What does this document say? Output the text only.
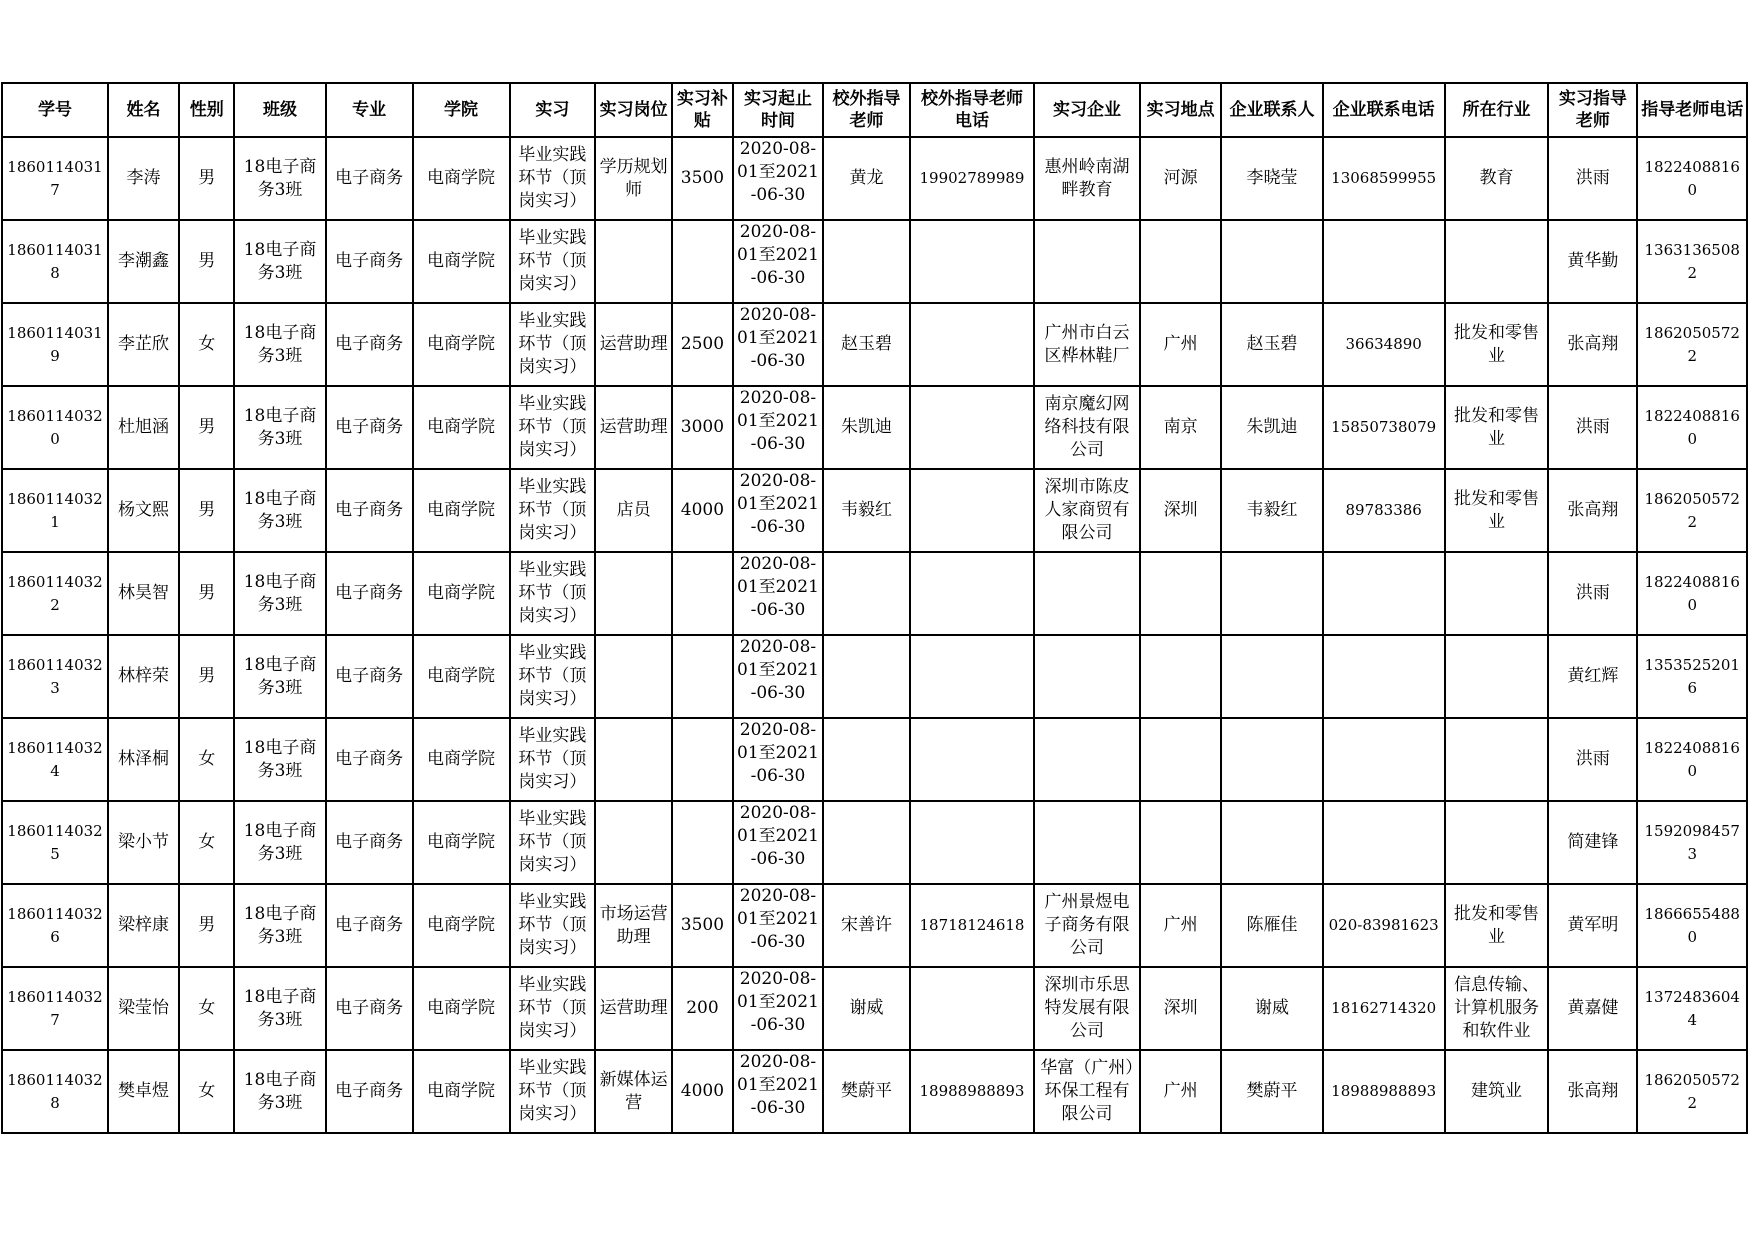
学号	姓名	性别	班级	专业	学院	实习	实习岗位	实习补贴	实习起止时间	校外指导老师	校外指导老师电话	实习企业	实习地点	企业联系人	企业联系电话	所在行业	实习指导老师	指导老师电话
18601140317	李涛	男	18电子商务3班	电子商务	电商学院	毕业实践环节（顶岗实习）	学历规划师	3500	2020-08-01至2021-06-30	黄龙	19902789989	惠州岭南湖畔教育	河源	李晓莹	13068599955	教育	洪雨	18224088160
18601140318	李潮鑫	男	18电子商务3班	电子商务	电商学院	毕业实践环节（顶岗实习）			2020-08-01至2021-06-30								黄华勤	13631365082
18601140319	李芷欣	女	18电子商务3班	电子商务	电商学院	毕业实践环节（顶岗实习）	运营助理	2500	2020-08-01至2021-06-30	赵玉碧		广州市白云区桦林鞋厂	广州	赵玉碧	36634890	批发和零售业	张高翔	18620505722
18601140320	杜旭涵	男	18电子商务3班	电子商务	电商学院	毕业实践环节（顶岗实习）	运营助理	3000	2020-08-01至2021-06-30	朱凯迪		南京魔幻网络科技有限公司	南京	朱凯迪	15850738079	批发和零售业	洪雨	18224088160
18601140321	杨文熙	男	18电子商务3班	电子商务	电商学院	毕业实践环节（顶岗实习）	店员	4000	2020-08-01至2021-06-30	韦毅红		深圳市陈皮人家商贸有限公司	深圳	韦毅红	89783386	批发和零售业	张高翔	18620505722
18601140322	林昊智	男	18电子商务3班	电子商务	电商学院	毕业实践环节（顶岗实习）			2020-08-01至2021-06-30								洪雨	18224088160
18601140323	林梓荣	男	18电子商务3班	电子商务	电商学院	毕业实践环节（顶岗实习）			2020-08-01至2021-06-30								黄红辉	13535252016
18601140324	林泽桐	女	18电子商务3班	电子商务	电商学院	毕业实践环节（顶岗实习）			2020-08-01至2021-06-30								洪雨	18224088160
18601140325	梁小节	女	18电子商务3班	电子商务	电商学院	毕业实践环节（顶岗实习）			2020-08-01至2021-06-30								简建锋	15920984573
18601140326	梁梓康	男	18电子商务3班	电子商务	电商学院	毕业实践环节（顶岗实习）	市场运营助理	3500	2020-08-01至2021-06-30	宋善许	18718124618	广州景煜电子商务有限公司	广州	陈雁佳	020-83981623	批发和零售业	黄军明	18666554880
18601140327	梁莹怡	女	18电子商务3班	电子商务	电商学院	毕业实践环节（顶岗实习）	运营助理	200	2020-08-01至2021-06-30	谢威		深圳市乐思特发展有限公司	深圳	谢威	18162714320	信息传输、计算机服务和软件业	黄嘉健	13724836044
18601140328	樊卓煜	女	18电子商务3班	电子商务	电商学院	毕业实践环节（顶岗实习）	新媒体运营	4000	2020-08-01至2021-06-30	樊蔚平	18988988893	华富（广州）环保工程有限公司	广州	樊蔚平	18988988893	建筑业	张高翔	18620505722
